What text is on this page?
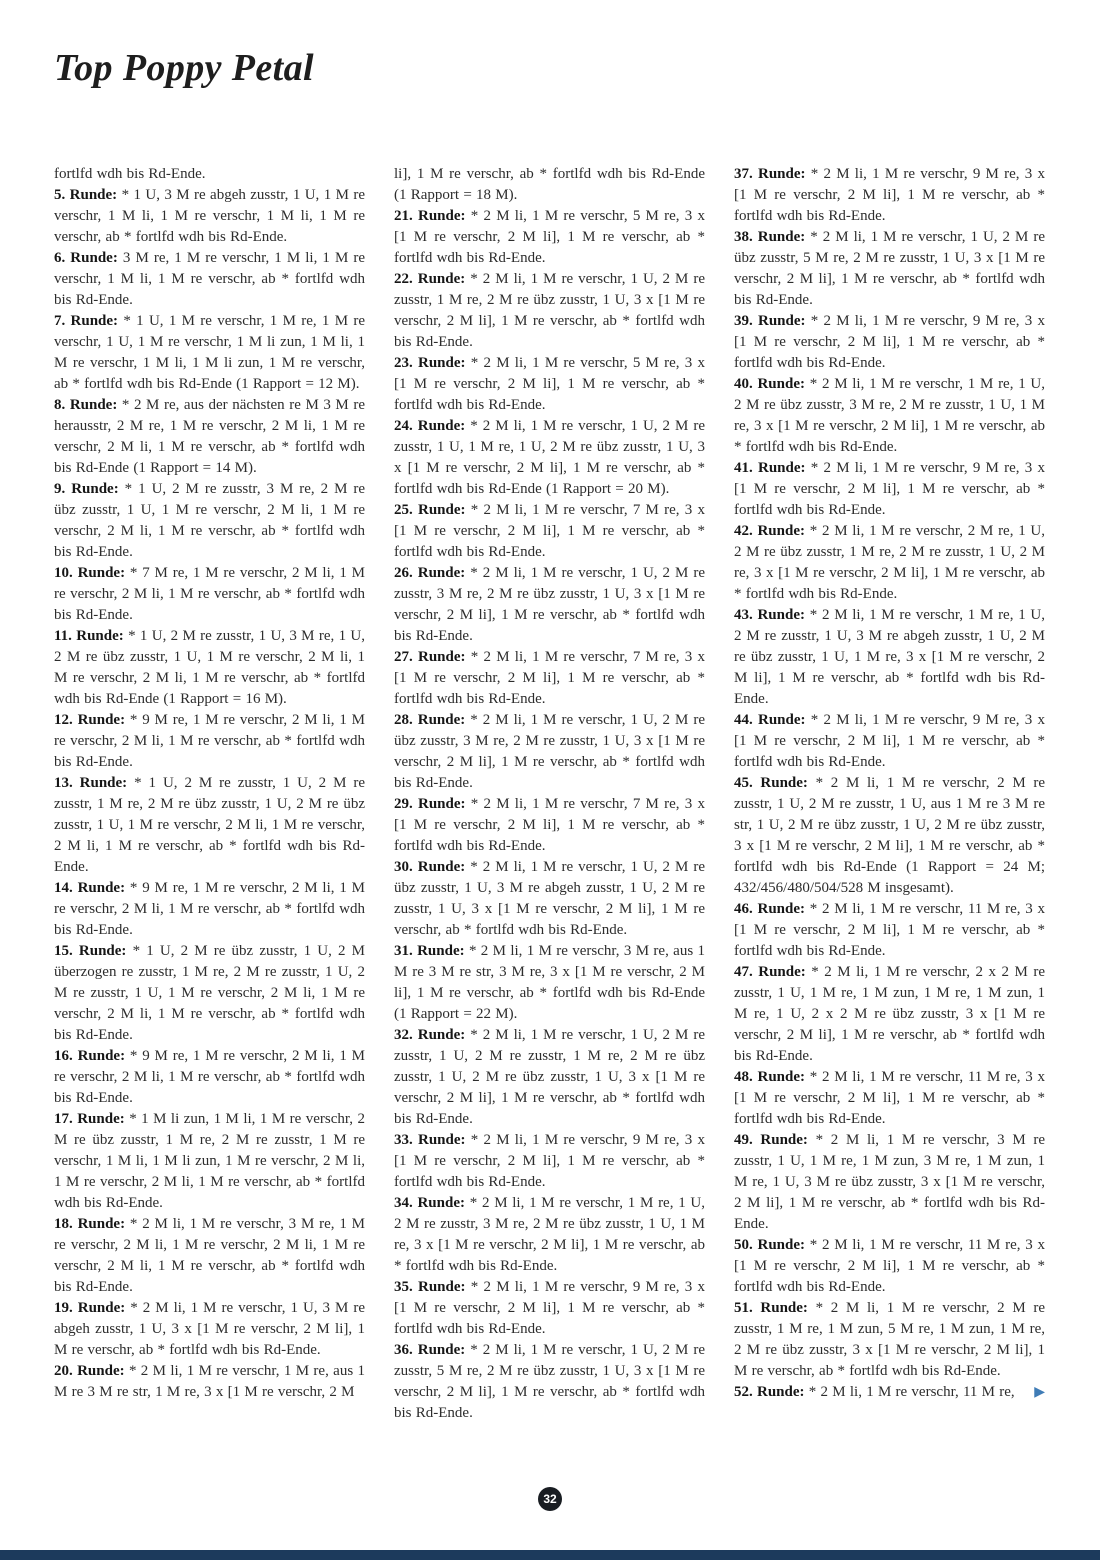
Top Poppy Petal

fortlfd wdh bis Rd-Ende.

5. Runde: * 1 U, 3 M re abgeh zusstr, 1 U, 1 M re verschr, 1 M li, 1 M re verschr, 1 M li, 1 M re verschr, ab * fortlfd wdh bis Rd-Ende.

6. Runde: 3 M re, 1 M re verschr, 1 M li, 1 M re verschr, 1 M li, 1 M re verschr, ab * fortlfd wdh bis Rd-Ende.

7. Runde: * 1 U, 1 M re verschr, 1 M re, 1 M re verschr, 1 U, 1 M re verschr, 1 M li zun, 1 M li, 1 M re verschr, 1 M li, 1 M li zun, 1 M re verschr, ab * fortlfd wdh bis Rd-Ende (1 Rapport = 12 M).

8. Runde: * 2 M re, aus der nächsten re M 3 M re herausstr, 2 M re, 1 M re verschr, 2 M li, 1 M re verschr, 2 M li, 1 M re verschr, ab * fortlfd wdh bis Rd-Ende (1 Rapport = 14 M).

9. Runde: * 1 U, 2 M re zusstr, 3 M re, 2 M re übz zusstr, 1 U, 1 M re verschr, 2 M li, 1 M re verschr, 2 M li, 1 M re verschr, ab * fortlfd wdh bis Rd-Ende.

10. Runde: * 7 M re, 1 M re verschr, 2 M li, 1 M re verschr, 2 M li, 1 M re verschr, ab * fortlfd wdh bis Rd-Ende.

11. Runde: * 1 U, 2 M re zusstr, 1 U, 3 M re, 1 U, 2 M re übz zusstr, 1 U, 1 M re verschr, 2 M li, 1 M re verschr, 2 M li, 1 M re verschr, ab * fortlfd wdh bis Rd-Ende (1 Rapport = 16 M).

12. Runde: * 9 M re, 1 M re verschr, 2 M li, 1 M re verschr, 2 M li, 1 M re verschr, ab * fortlfd wdh bis Rd-Ende.

13. Runde: * 1 U, 2 M re zusstr, 1 U, 2 M re zusstr, 1 M re, 2 M re übz zusstr, 1 U, 2 M re übz zusstr, 1 U, 1 M re verschr, 2 M li, 1 M re verschr, 2 M li, 1 M re verschr, ab * fortlfd wdh bis Rd-Ende.

14. Runde: * 9 M re, 1 M re verschr, 2 M li, 1 M re verschr, 2 M li, 1 M re verschr, ab * fortlfd wdh bis Rd-Ende.

15. Runde: * 1 U, 2 M re übz zusstr, 1 U, 2 M überzogen re zusstr, 1 M re, 2 M re zusstr, 1 U, 2 M re zusstr, 1 U, 1 M re verschr, 2 M li, 1 M re verschr, 2 M li, 1 M re verschr, ab * fortlfd wdh bis Rd-Ende.

16. Runde: * 9 M re, 1 M re verschr, 2 M li, 1 M re verschr, 2 M li, 1 M re verschr, ab * fortlfd wdh bis Rd-Ende.

17. Runde: * 1 M li zun, 1 M li, 1 M re verschr, 2 M re übz zusstr, 1 M re, 2 M re zusstr, 1 M re verschr, 1 M li, 1 M li zun, 1 M re verschr, 2 M li, 1 M re verschr, 2 M li, 1 M re verschr, ab * fortlfd wdh bis Rd-Ende.

18. Runde: * 2 M li, 1 M re verschr, 3 M re, 1 M re verschr, 2 M li, 1 M re verschr, 2 M li, 1 M re verschr, 2 M li, 1 M re verschr, ab * fortlfd wdh bis Rd-Ende.

19. Runde: * 2 M li, 1 M re verschr, 1 U, 3 M re abgeh zusstr, 1 U, 3 x [1 M re verschr, 2 M li], 1 M re verschr, ab * fortlfd wdh bis Rd-Ende.

20. Runde: * 2 M li, 1 M re verschr, 1 M re, aus 1 M re 3 M re str, 1 M re, 3 x [1 M re verschr, 2 M

li], 1 M re verschr, ab * fortlfd wdh bis Rd-Ende (1 Rapport = 18 M).

21. Runde: * 2 M li, 1 M re verschr, 5 M re, 3 x [1 M re verschr, 2 M li], 1 M re verschr, ab * fortlfd wdh bis Rd-Ende.

22. Runde: * 2 M li, 1 M re verschr, 1 U, 2 M re zusstr, 1 M re, 2 M re übz zusstr, 1 U, 3 x [1 M re verschr, 2 M li], 1 M re verschr, ab * fortlfd wdh bis Rd-Ende.

23. Runde: * 2 M li, 1 M re verschr, 5 M re, 3 x [1 M re verschr, 2 M li], 1 M re verschr, ab * fortlfd wdh bis Rd-Ende.

24. Runde: * 2 M li, 1 M re verschr, 1 U, 2 M re zusstr, 1 U, 1 M re, 1 U, 2 M re übz zusstr, 1 U, 3 x [1 M re verschr, 2 M li], 1 M re verschr, ab * fortlfd wdh bis Rd-Ende (1 Rapport = 20 M).

25. Runde: * 2 M li, 1 M re verschr, 7 M re, 3 x [1 M re verschr, 2 M li], 1 M re verschr, ab * fortlfd wdh bis Rd-Ende.

26. Runde: * 2 M li, 1 M re verschr, 1 U, 2 M re zusstr, 3 M re, 2 M re übz zusstr, 1 U, 3 x [1 M re verschr, 2 M li], 1 M re verschr, ab * fortlfd wdh bis Rd-Ende.

27. Runde: * 2 M li, 1 M re verschr, 7 M re, 3 x [1 M re verschr, 2 M li], 1 M re verschr, ab * fortlfd wdh bis Rd-Ende.

28. Runde: * 2 M li, 1 M re verschr, 1 U, 2 M re übz zusstr, 3 M re, 2 M re zusstr, 1 U, 3 x [1 M re verschr, 2 M li], 1 M re verschr, ab * fortlfd wdh bis Rd-Ende.

29. Runde: * 2 M li, 1 M re verschr, 7 M re, 3 x [1 M re verschr, 2 M li], 1 M re verschr, ab * fortlfd wdh bis Rd-Ende.

30. Runde: * 2 M li, 1 M re verschr, 1 U, 2 M re übz zusstr, 1 U, 3 M re abgeh zusstr, 1 U, 2 M re zusstr, 1 U, 3 x [1 M re verschr, 2 M li], 1 M re verschr, ab * fortlfd wdh bis Rd-Ende.

31. Runde: * 2 M li, 1 M re verschr, 3 M re, aus 1 M re 3 M re str, 3 M re, 3 x [1 M re verschr, 2 M li], 1 M re verschr, ab * fortlfd wdh bis Rd-Ende (1 Rapport = 22 M).

32. Runde: * 2 M li, 1 M re verschr, 1 U, 2 M re zusstr, 1 U, 2 M re zusstr, 1 M re, 2 M re übz zusstr, 1 U, 2 M re übz zusstr, 1 U, 3 x [1 M re verschr, 2 M li], 1 M re verschr, ab * fortlfd wdh bis Rd-Ende.

33. Runde: * 2 M li, 1 M re verschr, 9 M re, 3 x [1 M re verschr, 2 M li], 1 M re verschr, ab * fortlfd wdh bis Rd-Ende.

34. Runde: * 2 M li, 1 M re verschr, 1 M re, 1 U, 2 M re zusstr, 3 M re, 2 M re übz zusstr, 1 U, 1 M re, 3 x [1 M re verschr, 2 M li], 1 M re verschr, ab * fortlfd wdh bis Rd-Ende.

35. Runde: * 2 M li, 1 M re verschr, 9 M re, 3 x [1 M re verschr, 2 M li], 1 M re verschr, ab * fortlfd wdh bis Rd-Ende.

36. Runde: * 2 M li, 1 M re verschr, 1 U, 2 M re zusstr, 5 M re, 2 M re übz zusstr, 1 U, 3 x [1 M re verschr, 2 M li], 1 M re verschr, ab * fortlfd wdh bis Rd-Ende.

37. Runde: * 2 M li, 1 M re verschr, 9 M re, 3 x [1 M re verschr, 2 M li], 1 M re verschr, ab * fortlfd wdh bis Rd-Ende.

38. Runde: * 2 M li, 1 M re verschr, 1 U, 2 M re übz zusstr, 5 M re, 2 M re zusstr, 1 U, 3 x [1 M re verschr, 2 M li], 1 M re verschr, ab * fortlfd wdh bis Rd-Ende.

39. Runde: * 2 M li, 1 M re verschr, 9 M re, 3 x [1 M re verschr, 2 M li], 1 M re verschr, ab * fortlfd wdh bis Rd-Ende.

40. Runde: * 2 M li, 1 M re verschr, 1 M re, 1 U, 2 M re übz zusstr, 3 M re, 2 M re zusstr, 1 U, 1 M re, 3 x [1 M re verschr, 2 M li], 1 M re verschr, ab * fortlfd wdh bis Rd-Ende.

41. Runde: * 2 M li, 1 M re verschr, 9 M re, 3 x [1 M re verschr, 2 M li], 1 M re verschr, ab * fortlfd wdh bis Rd-Ende.

42. Runde: * 2 M li, 1 M re verschr, 2 M re, 1 U, 2 M re übz zusstr, 1 M re, 2 M re zusstr, 1 U, 2 M re, 3 x [1 M re verschr, 2 M li], 1 M re verschr, ab * fortlfd wdh bis Rd-Ende.

43. Runde: * 2 M li, 1 M re verschr, 1 M re, 1 U, 2 M re zusstr, 1 U, 3 M re abgeh zusstr, 1 U, 2 M re übz zusstr, 1 U, 1 M re, 3 x [1 M re verschr, 2 M li], 1 M re verschr, ab * fortlfd wdh bis Rd-Ende.

44. Runde: * 2 M li, 1 M re verschr, 9 M re, 3 x [1 M re verschr, 2 M li], 1 M re verschr, ab * fortlfd wdh bis Rd-Ende.

45. Runde: * 2 M li, 1 M re verschr, 2 M re zusstr, 1 U, 2 M re zusstr, 1 U, aus 1 M re 3 M re str, 1 U, 2 M re übz zusstr, 1 U, 2 M re übz zusstr, 3 x [1 M re verschr, 2 M li], 1 M re verschr, ab * fortlfd wdh bis Rd-Ende (1 Rapport = 24 M; 432/456/480/504/528 M insgesamt).

46. Runde: * 2 M li, 1 M re verschr, 11 M re, 3 x [1 M re verschr, 2 M li], 1 M re verschr, ab * fortlfd wdh bis Rd-Ende.

47. Runde: * 2 M li, 1 M re verschr, 2 x 2 M re zusstr, 1 U, 1 M re, 1 M zun, 1 M re, 1 M zun, 1 M re, 1 U, 2 x 2 M re übz zusstr, 3 x [1 M re verschr, 2 M li], 1 M re verschr, ab * fortlfd wdh bis Rd-Ende.

48. Runde: * 2 M li, 1 M re verschr, 11 M re, 3 x [1 M re verschr, 2 M li], 1 M re verschr, ab * fortlfd wdh bis Rd-Ende.

49. Runde: * 2 M li, 1 M re verschr, 3 M re zusstr, 1 U, 1 M re, 1 M zun, 3 M re, 1 M zun, 1 M re, 1 U, 3 M re übz zusstr, 3 x [1 M re verschr, 2 M li], 1 M re verschr, ab * fortlfd wdh bis Rd-Ende.

50. Runde: * 2 M li, 1 M re verschr, 11 M re, 3 x [1 M re verschr, 2 M li], 1 M re verschr, ab * fortlfd wdh bis Rd-Ende.

51. Runde: * 2 M li, 1 M re verschr, 2 M re zusstr, 1 M re, 1 M zun, 5 M re, 1 M zun, 1 M re, 2 M re übz zusstr, 3 x [1 M re verschr, 2 M li], 1 M re verschr, ab * fortlfd wdh bis Rd-Ende.

▶
52. Runde: * 2 M li, 1 M re verschr, 11 M re,

32
